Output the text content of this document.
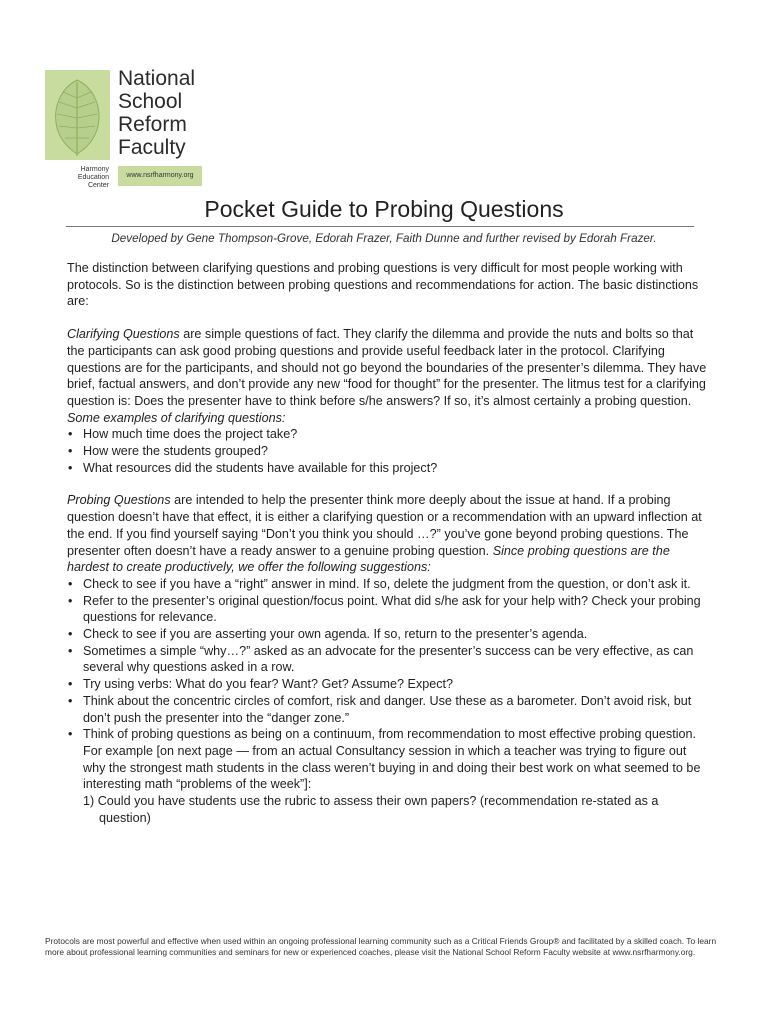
National
School
Reform
Faculty
Harmony
Education
Center
www.nsrfharmony.org
Pocket Guide to Probing Questions
Developed by Gene Thompson-Grove, Edorah Frazer, Faith Dunne and further revised by Edorah Frazer.

The distinction between clarifying questions and probing questions is very difficult for most people working with protocols. So is the distinction between probing questions and recommendations for action. The basic distinctions are:

Clarifying Questions are simple questions of fact. They clarify the dilemma and provide the nuts and bolts so that the participants can ask good probing questions and provide useful feedback later in the protocol. Clarifying questions are for the participants, and should not go beyond the boundaries of the presenter’s dilemma. They have brief, factual answers, and don’t provide any new “food for thought” for the presenter. The litmus test for a clarifying question is: Does the presenter have to think before s/he answers? If so, it’s almost certainly a probing question.

Some examples of clarifying questions:

• How much time does the project take?
• How were the students grouped?
• What resources did the students have available for this project?

Probing Questions are intended to help the presenter think more deeply about the issue at hand. If a probing question doesn’t have that effect, it is either a clarifying question or a recommendation with an upward inflection at the end. If you find yourself saying “Don’t you think you should …?” you’ve gone beyond probing questions. The presenter often doesn’t have a ready answer to a genuine probing question. Since probing questions are the hardest to create productively, we offer the following suggestions:

• Check to see if you have a “right” answer in mind. If so, delete the judgment from the question, or don’t ask it.
• Refer to the presenter’s original question/focus point. What did s/he ask for your help with? Check your probing questions for relevance.
• Check to see if you are asserting your own agenda. If so, return to the presenter’s agenda.
• Sometimes a simple “why…?” asked as an advocate for the presenter’s success can be very effective, as can several why questions asked in a row.
• Try using verbs: What do you fear? Want? Get? Assume? Expect?
• Think about the concentric circles of comfort, risk and danger. Use these as a barometer. Don’t avoid risk, but don’t push the presenter into the “danger zone.”
• Think of probing questions as being on a continuum, from recommendation to most effective probing question. For example [on next page — from an actual Consultancy session in which a teacher was trying to figure out why the strongest math students in the class weren’t buying in and doing their best work on what seemed to be interesting math “problems of the week”]:
1) Could you have students use the rubric to assess their own papers? (recommendation re-stated as a question)
Protocols are most powerful and effective when used within an ongoing professional learning community such as a Critical Friends Group® and facilitated by a skilled coach. To learn more about professional learning communities and seminars for new or experienced coaches, please visit the National School Reform Faculty website at www.nsrfharmony.org.
